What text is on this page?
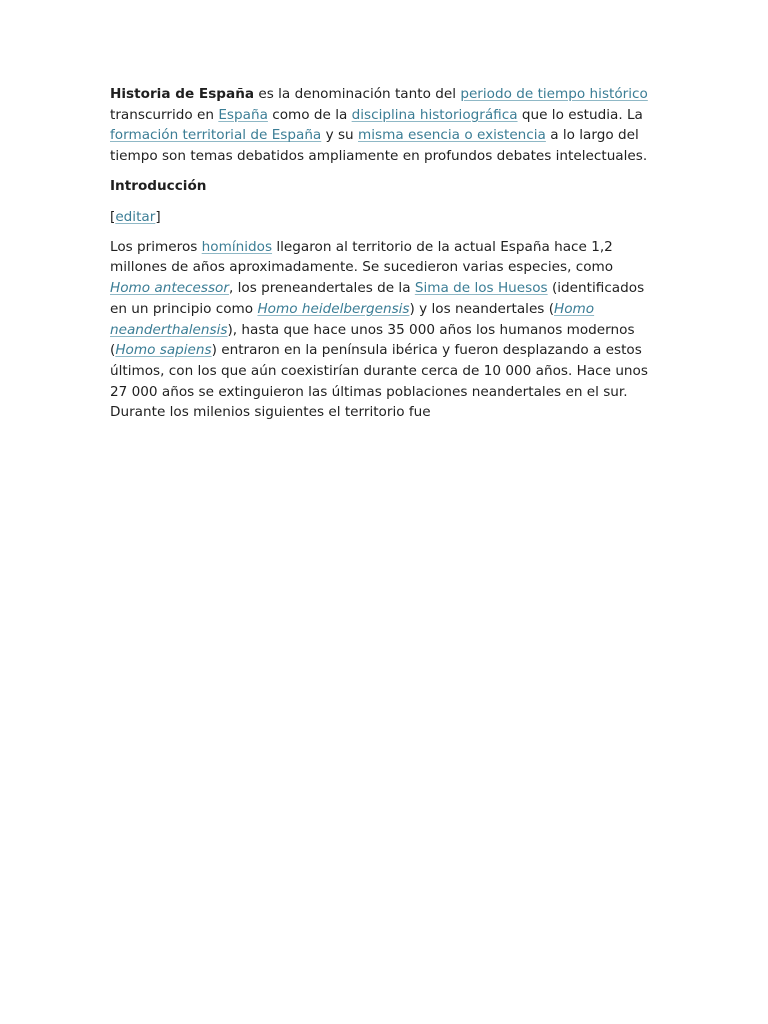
Historia de España es la denominación tanto del periodo de tiempo histórico transcurrido en España como de la disciplina historiográfica que lo estudia. La formación territorial de España y su misma esencia o existencia a lo largo del tiempo son temas debatidos ampliamente en profundos debates intelectuales.

Introducción

[editar]

Los primeros homínidos llegaron al territorio de la actual España hace 1,2 millones de años aproximadamente. Se sucedieron varias especies, como Homo antecessor, los preneandertales de la Sima de los Huesos (identificados en un principio como Homo heidelbergensis) y los neandertales (Homo neanderthalensis), hasta que hace unos 35 000 años los humanos modernos (Homo sapiens) entraron en la península ibérica y fueron desplazando a estos últimos, con los que aún coexistirían durante cerca de 10 000 años. Hace unos 27 000 años se extinguieron las últimas poblaciones neandertales en el sur. Durante los milenios siguientes el territorio fue
